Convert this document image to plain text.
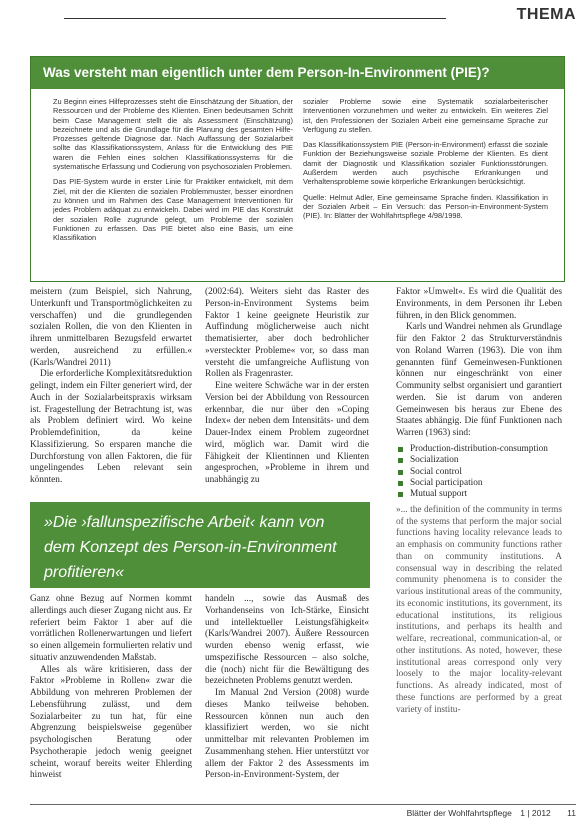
THEMA
Was versteht man eigentlich unter dem Person-In-Environment (PIE)?

Zu Beginn eines Hilfeprozesses steht die Einschätzung der Situation, der Ressourcen und der Probleme des Klienten. Einen bedeutsamen Schritt beim Case Management stellt die als Assessment (Einschätzung) bezeichnete und als die Grundlage für die Planung des gesamten Hilfe-Prozesses geltende Diagnose dar. Nach Auffassung der Sozialarbeit sollte das Klassifikationssystem, Anlass für die Entwicklung des PIE waren die Fehlen eines solchen Klassifikationssystems für die systematische Erfassung und Codierung von psychosozialen Problemen.

Das PIE-System wurde in erster Linie für Praktiker entwickelt, mit dem Ziel, mit der die Klienten die sozialen Problemmuster, besser einordnen zu können und im Rahmen des Case Management Interventionen für jedes Problem adäquat zu entwickeln. Dabei wird im PIE das Konstrukt der sozialen Rolle zugrunde gelegt, um Probleme der sozialen Funktionen zu erfassen. Das PIE bietet also eine Basis, um eine Klassifikation

sozialer Probleme sowie eine Systematik sozialarbeiterischer Interventionen vorzunehmen und weiter zu entwickeln. Ein weiteres Ziel ist, den Professionen der Sozialen Arbeit eine gemeinsame Sprache zur Verfügung zu stellen.

Das Klassifikationssystem PIE (Person-in-Environment) erfasst die soziale Funktion der Beziehungsweise soziale Probleme der Klienten. Es dient damit der Diagnostik und Klassifikation sozialer Funktionsstörungen. Außerdem werden auch psychische Erkrankungen und Verhaltensprobleme sowie körperliche Erkrankungen berücksichtigt.

Quelle: Helmut Adler, Eine gemeinsame Sprache finden. Klassifikation in der Sozialen Arbeit – Ein Versuch: das Person-in-Environment-System (PIE). In: Blätter der Wohlfahrtspflege 4/98/1998.

meistern (zum Beispiel, sich Nahrung, Unterkunft und Transportmöglichkeiten zu verschaffen) und die grundlegenden sozialen Rollen, die von den Klienten in ihrem unmittelbaren Bezugsfeld erwartet werden, ausreichend zu erfüllen.« (Karls/Wandrei 2011)

Die erforderliche Komplexitätsreduktion gelingt, indem ein Filter generiert wird, der Auch in der Sozialarbeitspraxis wirksam ist. Fragestellung der Betrachtung ist, was als Problem definiert wird. Wo keine Problemdefinition, da keine Klassifizierung. So ersparen manche die Durchforstung von allen Faktoren, die für ungelingendes Leben relevant sein könnten.

»Die ›fallunspezifische Arbeit‹ kann von dem Konzept des Person-in-Environment profitieren«

Ganz ohne Bezug auf Normen kommt allerdings auch dieser Zugang nicht aus. Er referiert beim Faktor 1 aber auf die vorrätlichen Rollenerwartungen und liefert so einen allgemein formulierten relativ und situativ anzuwendenden Maßstab.

Alles als wäre kritisieren, dass der Faktor »Probleme in Rollen« zwar die Abbildung von mehreren Problemen der Lebensführung zulässt, und dem Sozialarbeiter zu tun hat, für eine Abgrenzung beispielsweise gegenüber psychologischen Beratung oder Psychotherapie jedoch wenig geeignet scheint, worauf bereits weiter Ehlerding hinweist

(2002:64). Weiters sieht das Raster des Person-in-Environment Systems beim Faktor 1 keine geeignete Heuristik zur Auffindung möglicherweise auch nicht thematisierter, aber doch bedrohlicher »versteckter Probleme« vor, so dass man versteht die umfangreiche Auflistung von Rollen als Fragenraster.

Eine weitere Schwäche war in der ersten Version bei der Abbildung von Ressourcen erkennbar, die nur über den »Coping Index« der neben dem Intensitäts- und dem Dauer-Index einem Problem zugeordnet wird, möglich war. Damit wird die Fähigkeit der Klientinnen und Klienten angesprochen, »Probleme in ihrem und unabhängig zu

handeln ..., sowie das Ausmaß des Vorhandenseins von Ich-Stärke, Einsicht und intellektueller Leistungsfähigkeit« (Karls/Wandrei 2007). Äußere Ressourcen wurden ebenso wenig erfasst, wie umspezifische Ressourcen – also solche, die (noch) nicht für die Bewältigung des bezeichneten Problems genutzt werden.

Im Manual 2nd Version (2008) wurde dieses Manko teilweise behoben. Ressourcen können nun auch den klassifiziert werden, wo sie nicht unmittelbar mit relevanten Problemen im Zusammenhang stehen. Hier unterstützt vor allem der Faktor 2 des Assessments im Person-in-Environment-System, der

Faktor »Umwelt«. Es wird die Qualität des Environments, in dem Personen ihr Leben führen, in den Blick genommen.

Karls und Wandrei nehmen als Grundlage für den Faktor 2 das Strukturverständnis von Roland Warren (1963). Die von ihm genannten fünf Gemeinwesen-Funktionen können nur eingeschränkt von einer Community selbst organisiert und garantiert werden. Sie ist darum von anderen Gemeinwesen bis heraus zur Ebene des Staates abhängig. Die fünf Funktionen nach Warren (1963) sind:

Production-distribution-consumption
Socialization
Social control
Social participation
Mutual support

»... the definition of the community in terms of the systems that perform the major social functions having locality relevance leads to an emphasis on community functions rather than on community institutions. A consensual way in describing the related community phenomena is to consider the various institutional areas of the community, its economic institutions, its government, its educational institutions, its religious institutions, and perhaps its health and welfare, recreational, communication-al, or other institutions. As noted, however, these institutional areas correspond only very loosely to the major locality-relevant functions. As already indicated, most of these functions are performed by a great variety of institu-

Blätter der Wohlfahrtspflege 1 | 2012 11
